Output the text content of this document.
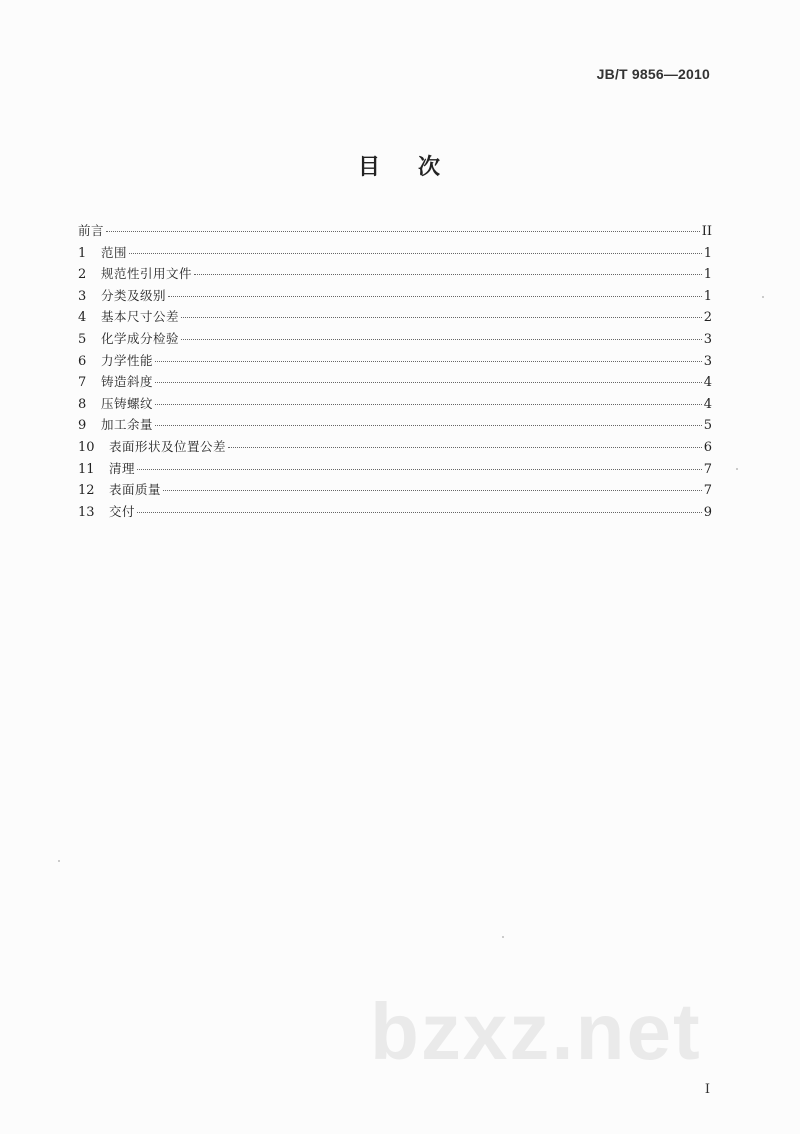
JB/T 9856—2010
目 次
前言	II
1	范围	1
2	规范性引用文件	1
3	分类及级别	1
4	基本尺寸公差	2
5	化学成分检验	3
6	力学性能	3
7	铸造斜度	4
8	压铸螺纹	4
9	加工余量	5
10	表面形状及位置公差	6
11	清理	7
12	表面质量	7
13	交付	9
bzxz.net
I
